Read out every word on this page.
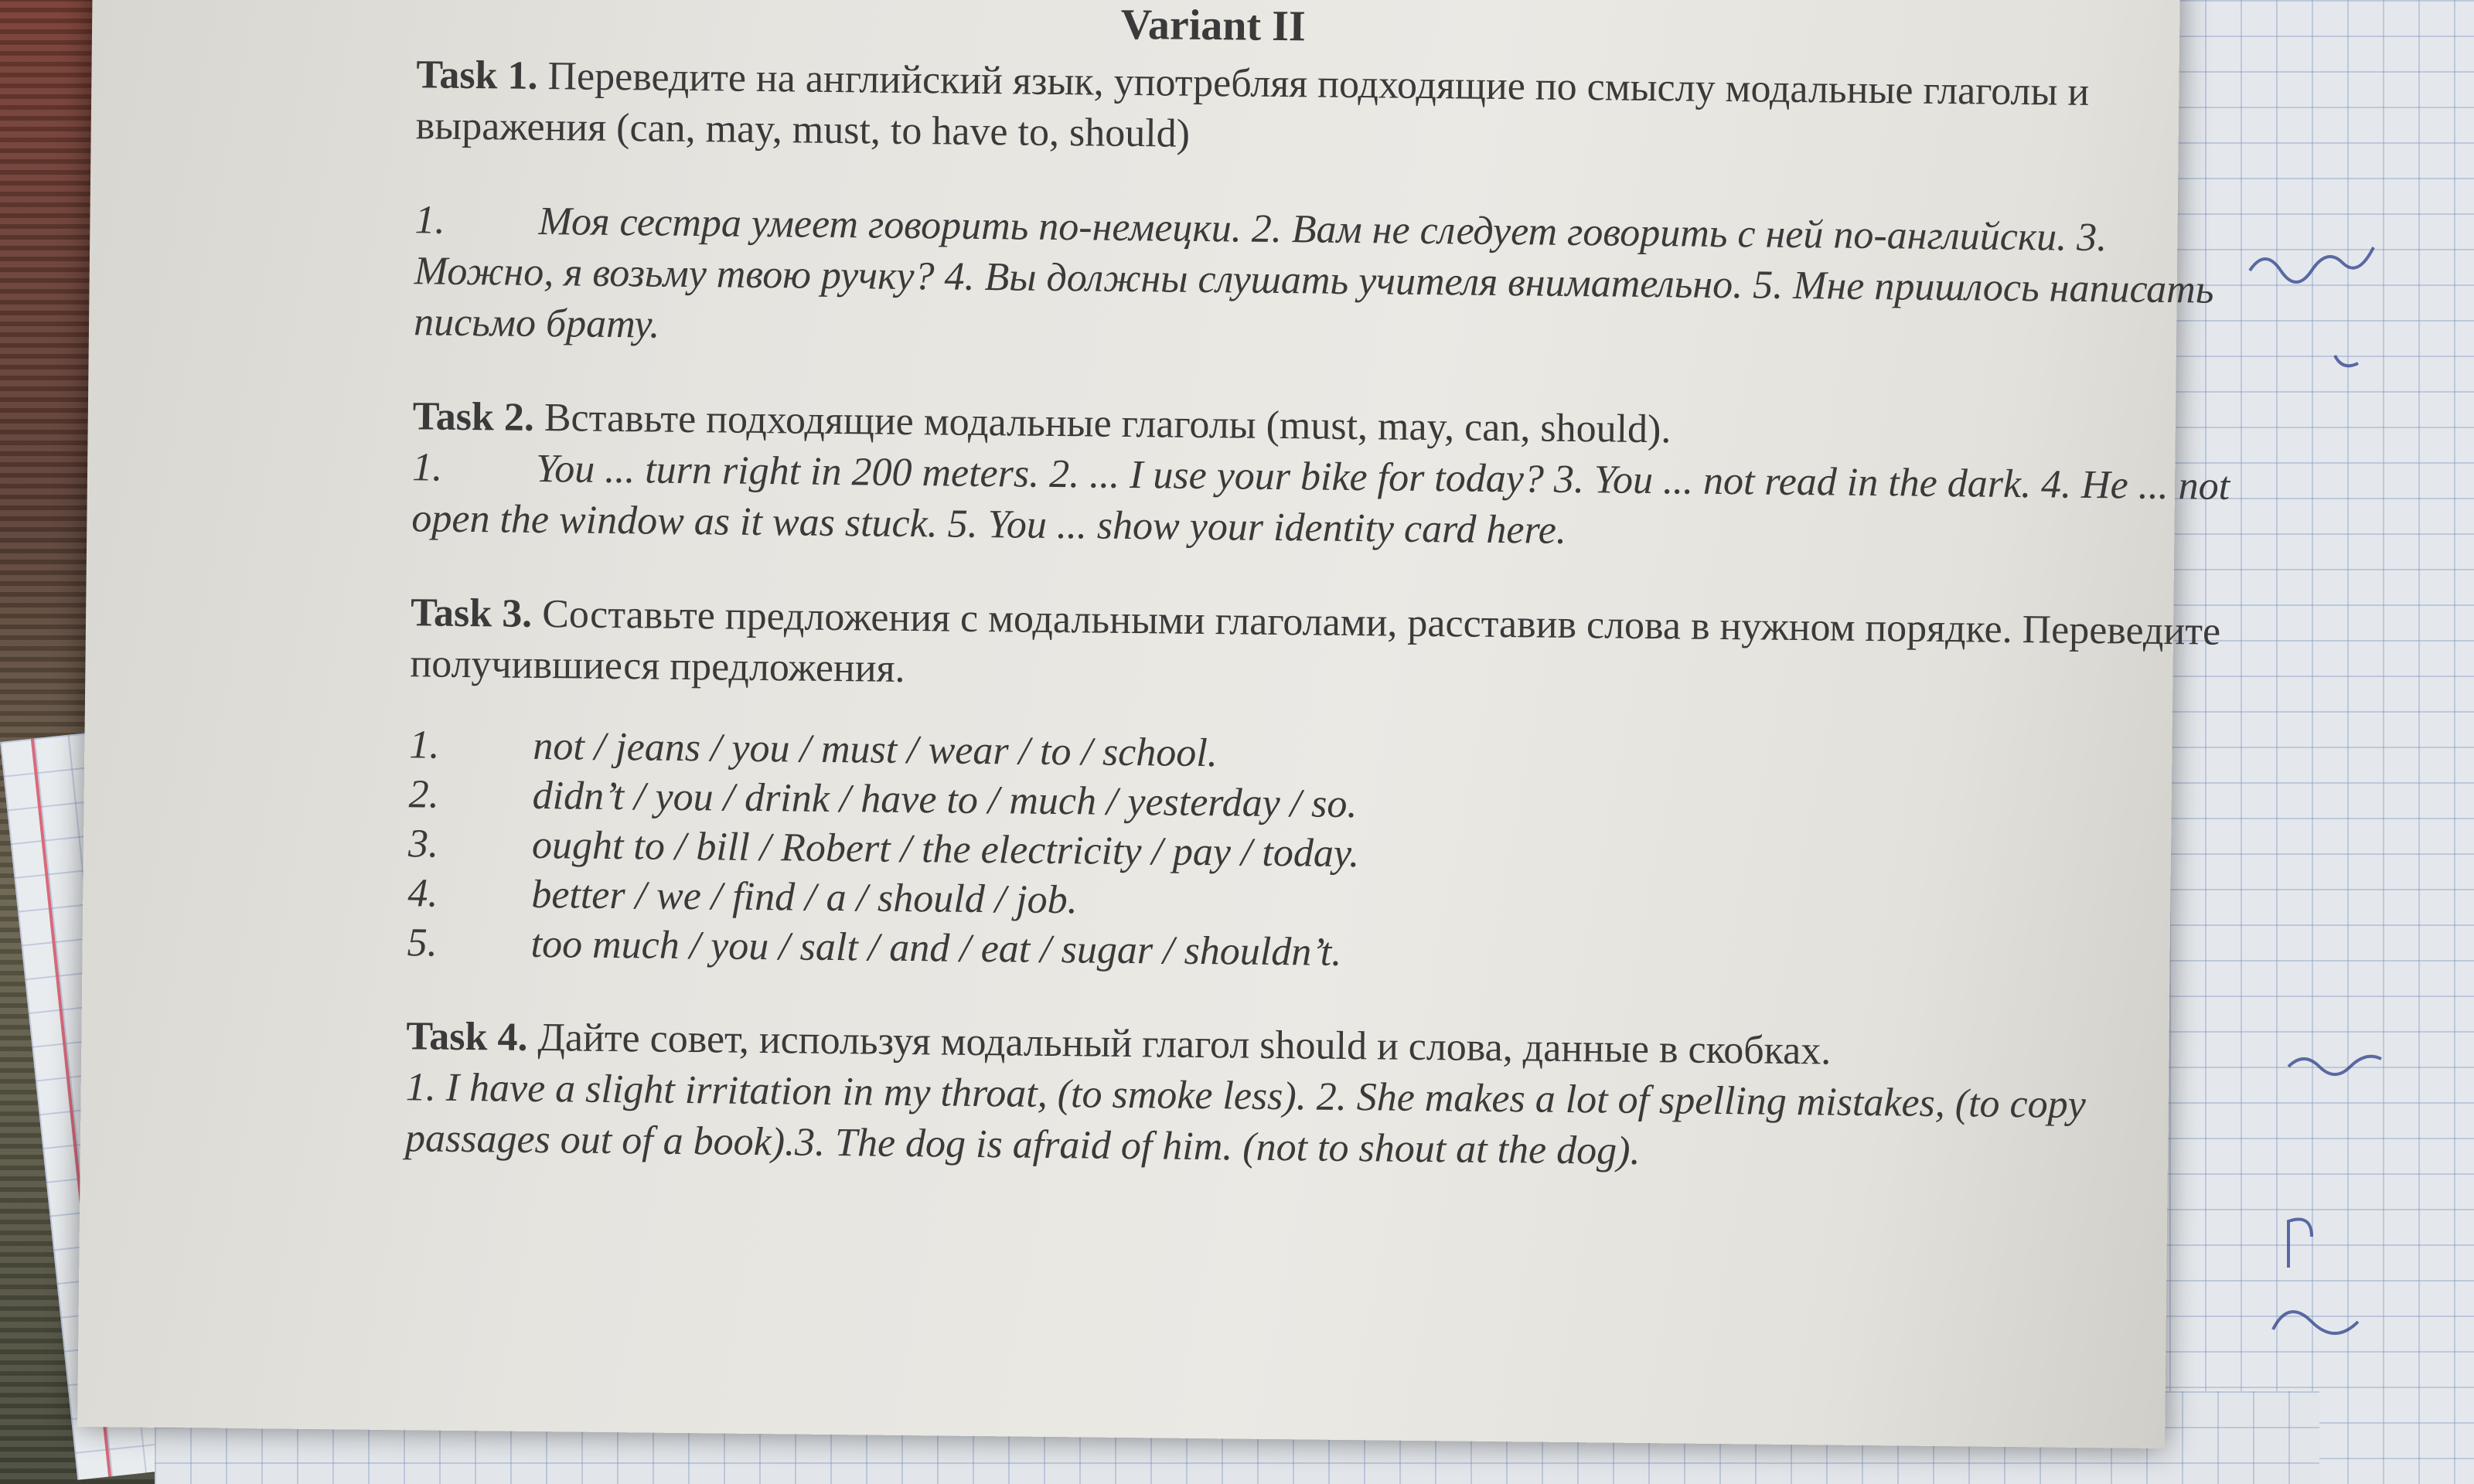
Variant II

Task 1. Переведите на английский язык, употребляя подходящие по смыслу модальные глаголы и выражения (can, may, must, to have to, should)

1. Моя сестра умеет говорить по-немецки. 2. Вам не следует говорить с ней по-английски. 3. Можно, я возьму твою ручку? 4. Вы должны слушать учителя внимательно. 5. Мне пришлось написать письмо брату.

Task 2. Вставьте подходящие модальные глаголы (must, may, can, should).

1. You ... turn right in 200 meters. 2. ... I use your bike for today? 3. You ... not read in the dark. 4. He ... not open the window as it was stuck. 5. You ... show your identity card here.

Task 3. Составьте предложения с модальными глаголами, расставив слова в нужном порядке. Переведите получившиеся предложения.

1. not / jeans / you / must / wear / to / school.
2. didn’t / you / drink / have to / much / yesterday / so.
3. ought to / bill / Robert / the electricity / pay / today.
4. better / we / find / a / should / job.
5. too much / you / salt / and / eat / sugar / shouldn’t.

Task 4. Дайте совет, используя модальный глагол should и слова, данные в скобках.

1. I have a slight irritation in my throat, (to smoke less). 2. She makes a lot of spelling mistakes, (to copy passages out of a book).3. The dog is afraid of him. (not to shout at the dog).
